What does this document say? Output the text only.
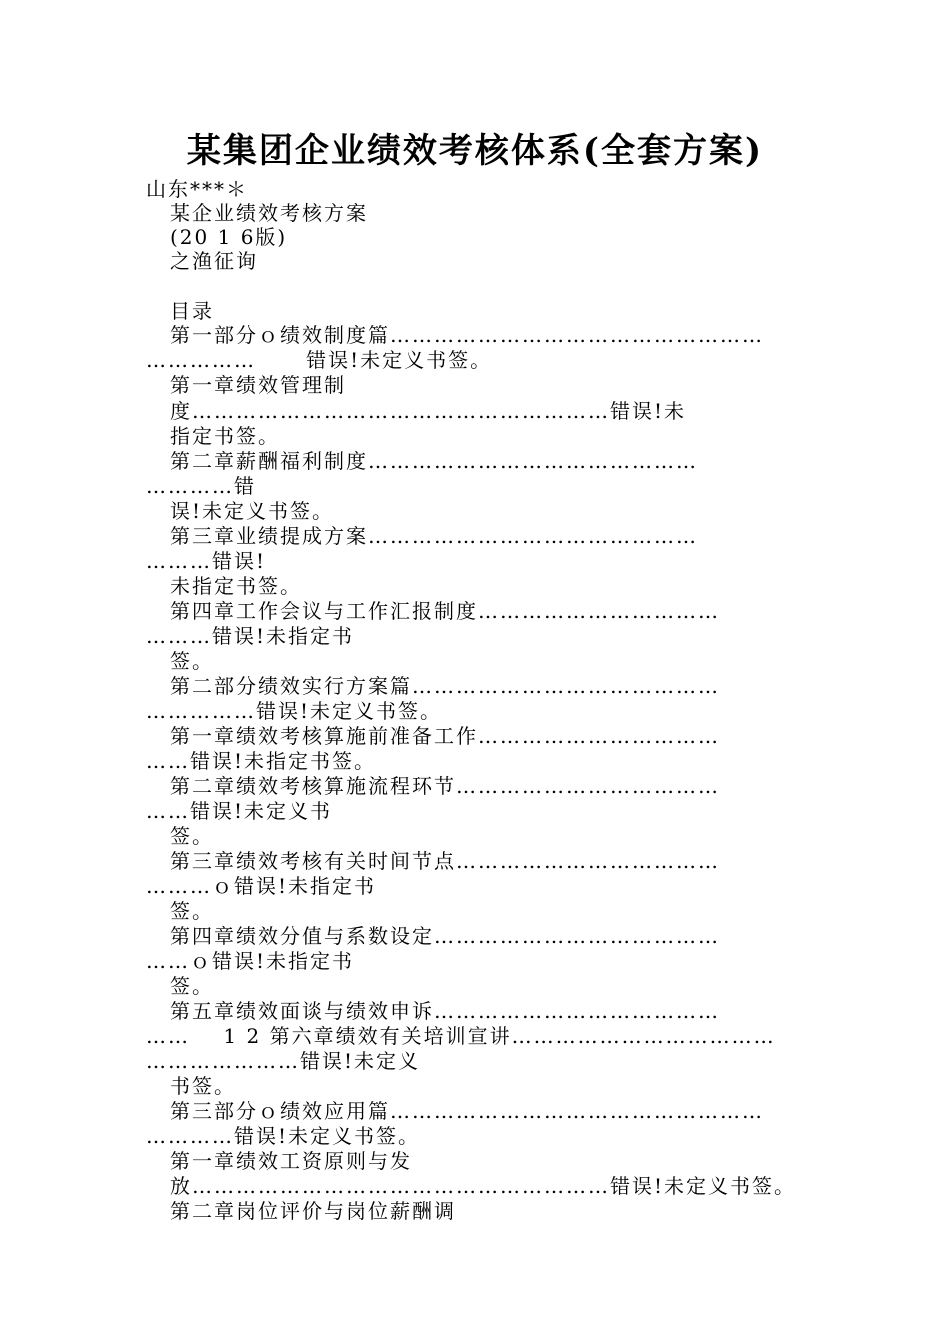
某集团企业绩效考核体系(全套方案)
山东***＊
某企业绩效考核方案
(20 1 6版)
之渔征询
目录
第一部分ｏ绩效制度篇……………………………………………
……………      错误!未定义书签。
第一章绩效管理制
度…………………………………………………错误!未
指定书签。
第二章薪酬福利制度………………………………………
…………错
误!未定义书签。
第三章业绩提成方案………………………………………
………错误!
未指定书签。
第四章工作会议与工作汇报制度……………………………
………错误!未指定书
签。
第二部分绩效实行方案篇……………………………………
……………错误!未定义书签。
第一章绩效考核算施前准备工作……………………………
……错误!未指定书签。
第二章绩效考核算施流程环节………………………………
……错误!未定义书
签。
第三章绩效考核有关时间节点………………………………
………ｏ错误!未指定书
签。
第四章绩效分值与系数设定…………………………………
……ｏ错误!未指定书
签。
第五章绩效面谈与绩效申诉…………………………………
……    1 2 第六章绩效有关培训宣讲………………………………
…………………错误!未定义
书签。
第三部分ｏ绩效应用篇……………………………………………
…………错误!未定义书签。
第一章绩效工资原则与发
放…………………………………………………错误!未定义书签。
第二章岗位评价与岗位薪酬调
